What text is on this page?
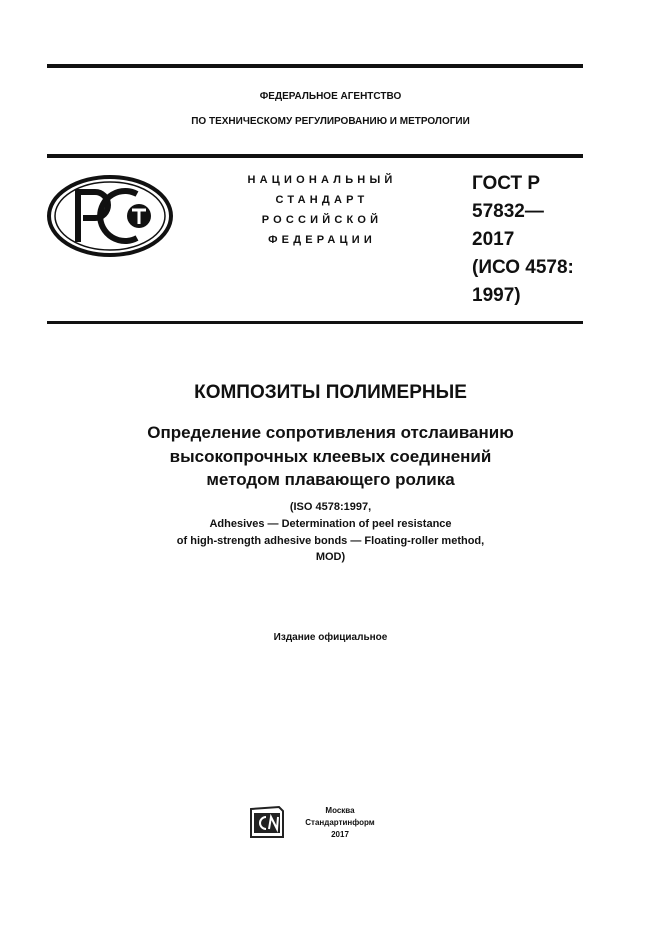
ФЕДЕРАЛЬНОЕ АГЕНТСТВО
ПО ТЕХНИЧЕСКОМУ РЕГУЛИРОВАНИЮ И МЕТРОЛОГИИ
НАЦИОНАЛЬНЫЙ
СТАНДАРТ
РОССИЙСКОЙ
ФЕДЕРАЦИИ
ГОСТ Р
57832—
2017
(ИСО 4578:
1997)
КОМПОЗИТЫ ПОЛИМЕРНЫЕ
Определение сопротивления отслаиванию
высокопрочных клеевых соединений
методом плавающего ролика
(ISO 4578:1997,
Adhesives — Determination of peel resistance
of high-strength adhesive bonds — Floating-roller method,
MOD)
Издание официальное
Москва
Стандартинформ
2017
